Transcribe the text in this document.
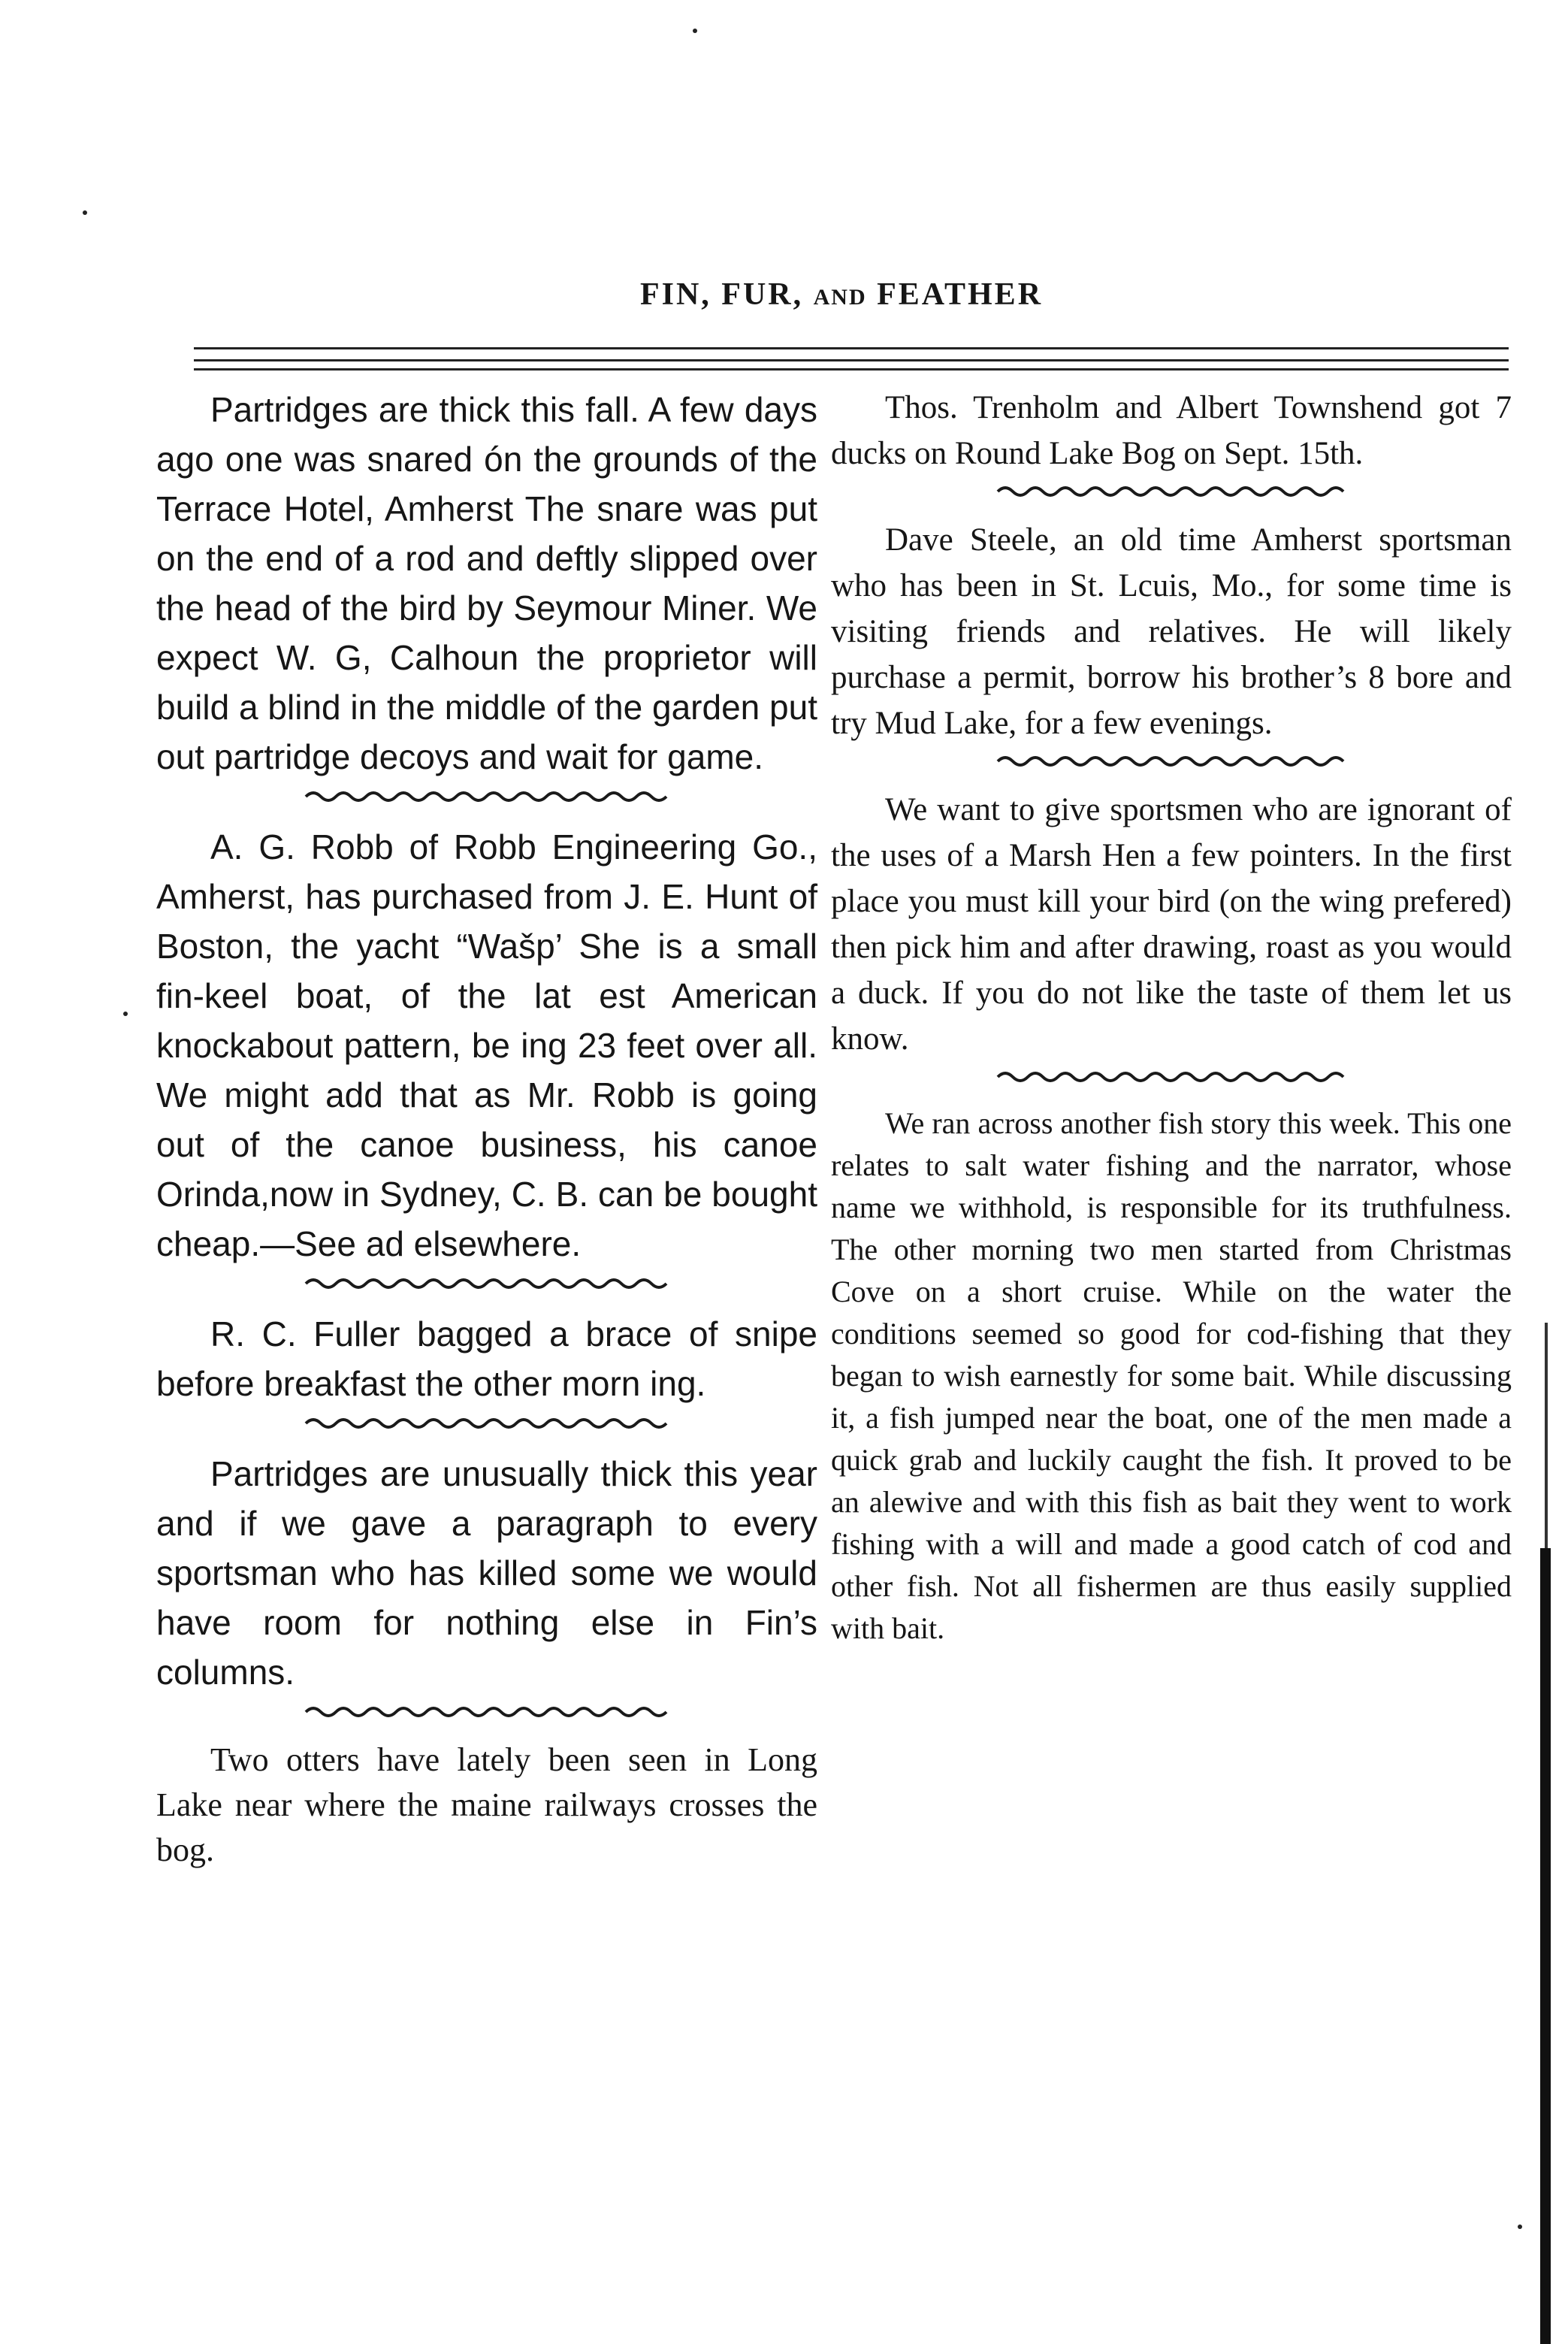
FIN, FUR, AND FEATHER

Partridges are thick this fall. A few days ago one was snared ón the grounds of the Terrace Hotel, Amherst The snare was put on the end of a rod and deftly slipped over the head of the bird by Seymour Miner. We expect W. G, Calhoun the proprietor will build a blind in the middle of the garden put out partridge decoys and wait for game.

A. G. Robb of Robb Engineering Go., Amherst, has purchased from J. E. Hunt of Boston, the yacht “Wašp’ She is a small fin-keel boat, of the lat est American knockabout pattern, be ing 23 feet over all. We might add that as Mr. Robb is going out of the canoe business, his canoe Orinda,now in Sydney, C. B. can be bought cheap.—See ad elsewhere.

R. C. Fuller bagged a brace of snipe before breakfast the other morn ing.

Partridges are unusually thick this year and if we gave a paragraph to every sportsman who has killed some we would have room for nothing else in Fin’s columns.

Two otters have lately been seen in Long Lake near where the maine railways crosses the bog.

Thos. Trenholm and Albert Townshend got 7 ducks on Round Lake Bog on Sept. 15th.

Dave Steele, an old time Amherst sportsman who has been in St. Lcuis, Mo., for some time is visiting friends and relatives. He will likely purchase a permit, borrow his brother’s 8 bore and try Mud Lake, for a few evenings.

We want to give sportsmen who are ignorant of the uses of a Marsh Hen a few pointers. In the first place you must kill your bird (on the wing prefered) then pick him and after drawing, roast as you would a duck. If you do not like the taste of them let us know.

We ran across another fish story this week. This one relates to salt water fishing and the narrator, whose name we withhold, is responsible for its truthfulness. The other morning two men started from Christmas Cove on a short cruise. While on the water the conditions seemed so good for cod-fishing that they began to wish earnestly for some bait. While discussing it, a fish jumped near the boat, one of the men made a quick grab and luckily caught the fish. It proved to be an alewive and with this fish as bait they went to work fishing with a will and made a good catch of cod and other fish. Not all fishermen are thus easily supplied with bait.
